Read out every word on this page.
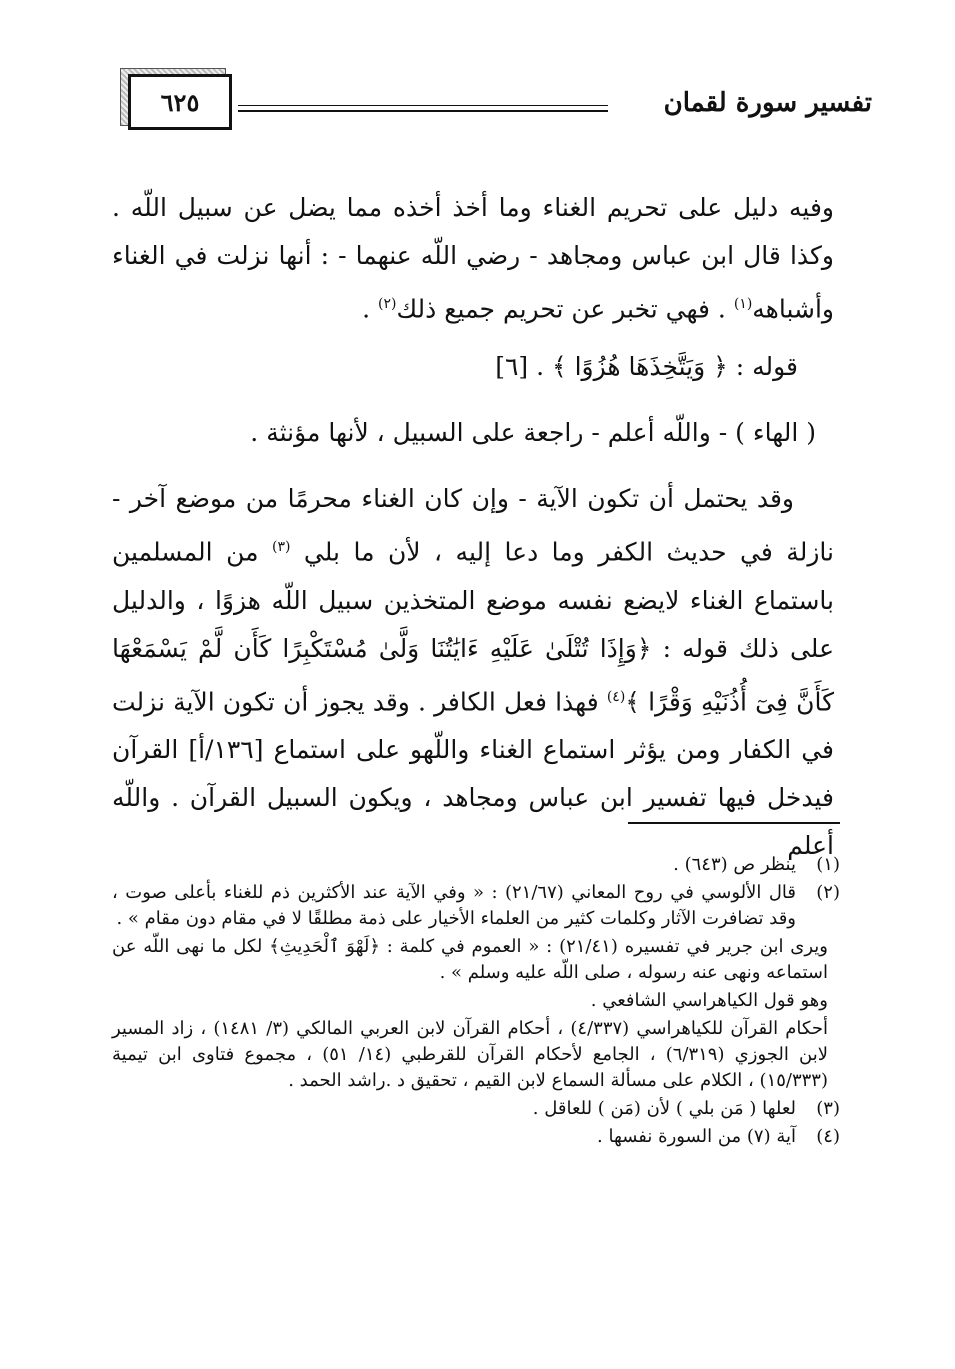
٦٢٥	تفسير سورة لقمان

وفيه دليل على تحريم الغناء وما أخذ أخذه مما يضل عن سبيل اللّه . وكذا قال ابن عباس ومجاهد - رضي اللّه عنهما - : أنها نزلت في الغناء وأشباهه$^{(١)}$ . فهي تخبر عن تحريم جميع ذلك$^{(٢)}$ .

قوله : ﴿ وَيَتَّخِذَهَا هُزُوًا ﴾ . [٦]

( الهاء ) - واللّه أعلم - راجعة على السبيل ، لأنها مؤنثة .

وقد يحتمل أن تكون الآية - وإن كان الغناء محرمًا من موضع آخر - نازلة في حديث الكفر وما دعا إليه ، لأن ما بلي $^{(٣)}$ من المسلمين باستماع الغناء لايضع نفسه موضع المتخذين سبيل اللّه هزوًا ، والدليل على ذلك قوله : ﴿وَإِذَا تُتْلَىٰ عَلَيْهِ ءَايَٰتُنَا وَلَّىٰ مُسْتَكْبِرًا كَأَن لَّمْ يَسْمَعْهَا كَأَنَّ فِىٓ أُذُنَيْهِ وَقْرًا ﴾$^{(٤)}$ فهذا فعل الكافر . وقد يجوز أن تكون الآية نزلت في الكفار ومن يؤثر استماع الغناء واللّهو على استماع [١٣٦/أ] القرآن فيدخل فيها تفسير ابن عباس ومجاهد ، ويكون السبيل القرآن . واللّه أعلم

(١)
ينظر ص (٦٤٣) .
(٢)
قال الألوسي في روح المعاني (٢١/٦٧) : « وفي الآية عند الأكثرين ذم للغناء بأعلى صوت ، وقد تضافرت الآثار وكلمات كثير من العلماء الأخيار على ذمة مطلقًا لا في مقام دون مقام » .
ويرى ابن جرير في تفسيره (٢١/٤١) : « العموم في كلمة : ﴿لَهْوَ ٱلْحَدِيثِ﴾ لكل ما نهى اللّه عن استماعه ونهى عنه رسوله ، صلى اللّه عليه وسلم » .
وهو قول الكياهراسي الشافعي .
أحكام القرآن للكياهراسي (٤/٣٣٧) ، أحكام القرآن لابن العربي المالكي (٣/ ١٤٨١) ، زاد المسير لابن الجوزي (٦/٣١٩) ، الجامع لأحكام القرآن للقرطبي (١٤/ ٥١) ، مجموع فتاوى ابن تيمية (١٥/٣٣٣) ، الكلام على مسألة السماع لابن القيم ، تحقيق د .راشد الحمد .
(٣)
لعلها ( مَن بلي ) لأن (مَن ) للعاقل .
(٤)
آية (٧) من السورة نفسها .
